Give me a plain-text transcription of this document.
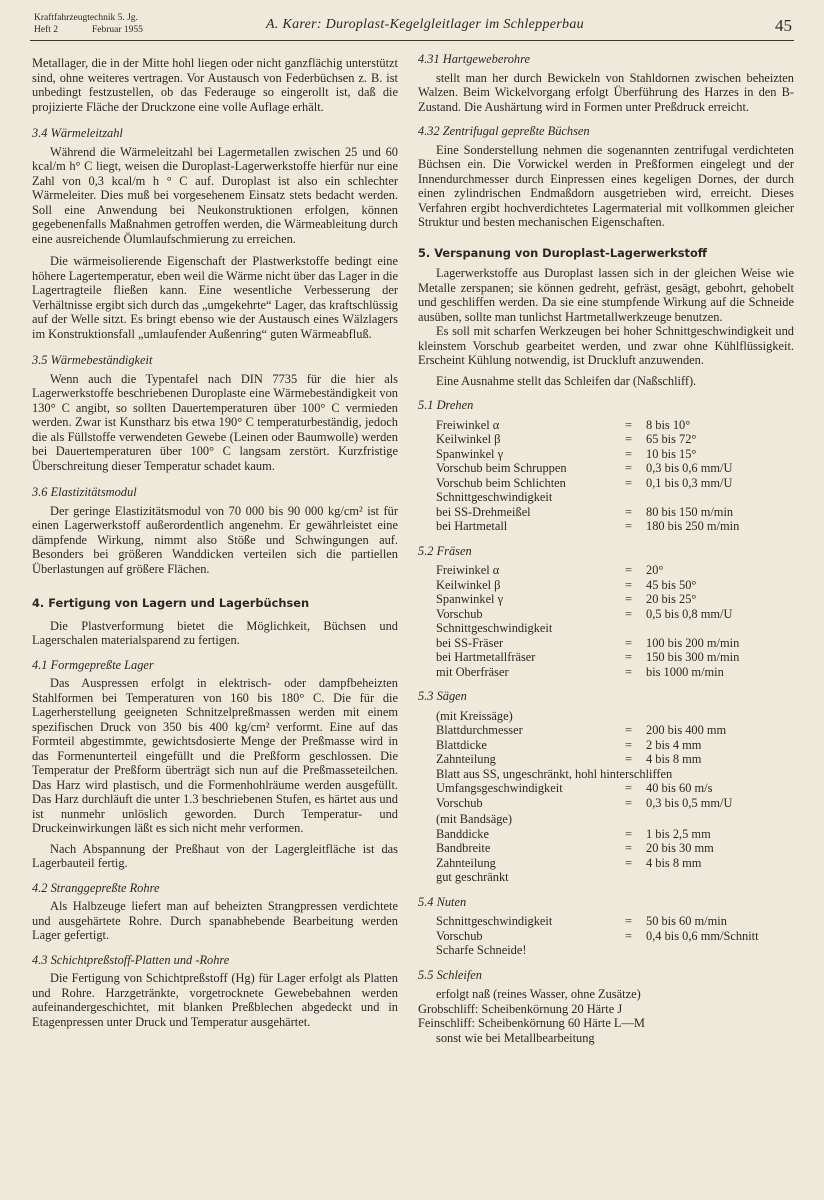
Kraftfahrzeugtechnik 5. Jg.
Heft 2	Februar 1955	A. Karer: Duroplast-Kegelgleitlager im Schlepperbau	45

Metallager, die in der Mitte hohl liegen oder nicht ganzflächig unterstützt sind, ohne weiteres vertragen. Vor Austausch von Federbüchsen z. B. ist unbedingt festzustellen, ob das Federauge so eingerollt ist, daß die projizierte Fläche der Druckzone eine volle Auflage erhält.

3.4 Wärmeleitzahl

Während die Wärmeleitzahl bei Lagermetallen zwischen 25 und 60 kcal/m h° C liegt, weisen die Duroplast-Lagerwerkstoffe hierfür nur eine Zahl von 0,3 kcal/m h ° C auf. Duroplast ist also ein schlechter Wärmeleiter. Dies muß bei vorgesehenem Einsatz stets bedacht werden. Soll eine Anwendung bei Neukonstruktionen erfolgen, können gegebenenfalls Maßnahmen getroffen werden, die Wärmeableitung durch eine ausreichende Ölumlaufschmierung zu erreichen.

Die wärmeisolierende Eigenschaft der Plastwerkstoffe bedingt eine höhere Lagertemperatur, eben weil die Wärme nicht über das Lager in die Lagertragteile fließen kann. Eine wesentliche Verbesserung der Verhältnisse ergibt sich durch das „umgekehrte“ Lager, das kraftschlüssig auf der Welle sitzt. Es bringt ebenso wie der Austausch eines Wälzlagers im Konstruktionsfall „umlaufender Außenring“ guten Wärmeabfluß.

3.5 Wärmebeständigkeit

Wenn auch die Typentafel nach DIN 7735 für die hier als Lagerwerkstoffe beschriebenen Duroplaste eine Wärmebeständigkeit von 130° C angibt, so sollten Dauertemperaturen über 100° C vermieden werden. Zwar ist Kunstharz bis etwa 190° C temperaturbeständig, jedoch die als Füllstoffe verwendeten Gewebe (Leinen oder Baumwolle) werden bei Dauertemperaturen über 100° C langsam zerstört. Kurzfristige Überschreitung dieser Temperatur schadet kaum.

3.6 Elastizitätsmodul

Der geringe Elastizitätsmodul von 70 000 bis 90 000 kg/cm² ist für einen Lagerwerkstoff außerordentlich angenehm. Er gewährleistet eine dämpfende Wirkung, nimmt also Stöße und Schwingungen auf. Besonders bei größeren Wanddicken verteilen sich die partiellen Überlastungen auf größere Flächen.

4. Fertigung von Lagern und Lagerbüchsen

Die Plastverformung bietet die Möglichkeit, Büchsen und Lagerschalen materialsparend zu fertigen.

4.1 Formgepreßte Lager

Das Auspressen erfolgt in elektrisch- oder dampfbeheizten Stahlformen bei Temperaturen von 160 bis 180° C. Die für die Lagerherstellung geeigneten Schnitzelpreßmassen werden mit einem spezifischen Druck von 350 bis 400 kg/cm² verformt. Eine auf das Formteil abgestimmte, gewichtsdosierte Menge der Preßmasse wird in das Formenunterteil eingefüllt und die Preßform geschlossen. Die Temperatur der Preßform überträgt sich nun auf die Preßmasseteilchen. Das Harz wird plastisch, und die Formenhohlräume werden ausgefüllt. Das Harz durchläuft die unter 1.3 beschriebenen Stufen, es härtet aus und ist nunmehr unlöslich geworden. Durch Temperatur- und Druckeinwirkungen läßt es sich nicht mehr verformen.

Nach Abspannung der Preßhaut von der Lagergleitfläche ist das Lagerbauteil fertig.

4.2 Stranggepreßte Rohre

Als Halbzeuge liefert man auf beheizten Strangpressen verdichtete und ausgehärtete Rohre. Durch spanabhebende Bearbeitung werden Lager gefertigt.

4.3 Schichtpreßstoff-Platten und -Rohre

Die Fertigung von Schichtpreßstoff (Hg) für Lager erfolgt als Platten und Rohre. Harzgetränkte, vorgetrocknete Gewebebahnen werden aufeinandergeschichtet, mit blanken Preßblechen abgedeckt und in Etagenpressen unter Druck und Temperatur ausgehärtet.

4.31 Hartgeweberohre

stellt man her durch Bewickeln von Stahldornen zwischen beheizten Walzen. Beim Wickelvorgang erfolgt Überführung des Harzes in den B-Zustand. Die Aushärtung wird in Formen unter Preßdruck erreicht.

4.32 Zentrifugal gepreßte Büchsen

Eine Sonderstellung nehmen die sogenannten zentrifugal verdichteten Büchsen ein. Die Vorwickel werden in Preßformen eingelegt und der Innendurchmesser durch Einpressen eines kegeligen Dornes, der durch einen zylindrischen Endmaßdorn ausgetrieben wird, erreicht. Dieses Verfahren ergibt hochverdichtetes Lagermaterial mit vollkommen gleicher Struktur und besten mechanischen Eigenschaften.

5. Verspanung von Duroplast-Lagerwerkstoff

Lagerwerkstoffe aus Duroplast lassen sich in der gleichen Weise wie Metalle zerspanen; sie können gedreht, gefräst, gesägt, gebohrt, gehobelt und geschliffen werden. Da sie eine stumpfende Wirkung auf die Schneide ausüben, sollte man tunlichst Hartmetallwerkzeuge benutzen.

Es soll mit scharfen Werkzeugen bei hoher Schnittgeschwindigkeit und kleinstem Vorschub gearbeitet werden, und zwar ohne Kühlflüssigkeit. Erscheint Kühlung notwendig, ist Druckluft anzuwenden.

Eine Ausnahme stellt das Schleifen dar (Naßschliff).

5.1 Drehen
Freiwinkel α	= 8 bis 10°
Keilwinkel β	= 65 bis 72°
Spanwinkel γ	= 10 bis 15°
Vorschub beim Schruppen	= 0,3 bis 0,6 mm/U
Vorschub beim Schlichten	= 0,1 bis 0,3 mm/U
Schnittgeschwindigkeit
bei SS-Drehmeißel	= 80 bis 150 m/min
bei Hartmetall	= 180 bis 250 m/min
5.2 Fräsen
Freiwinkel α	= 20°
Keilwinkel β	= 45 bis 50°
Spanwinkel γ	= 20 bis 25°
Vorschub	= 0,5 bis 0,8 mm/U
Schnittgeschwindigkeit
bei SS-Fräser	= 100 bis 200 m/min
bei Hartmetallfräser	= 150 bis 300 m/min
mit Oberfräser	= bis 1000 m/min
5.3 Sägen
(mit Kreissäge)
Blattdurchmesser	= 200 bis 400 mm
Blattdicke	= 2 bis 4 mm
Zahnteilung	= 4 bis 8 mm
Blatt aus SS, ungeschränkt, hohl hinterschliffen
Umfangsgeschwindigkeit	= 40 bis 60 m/s
Vorschub	= 0,3 bis 0,5 mm/U
(mit Bandsäge)
Banddicke	= 1 bis 2,5 mm
Bandbreite	= 20 bis 30 mm
Zahnteilung	= 4 bis 8 mm
gut geschränkt
5.4 Nuten
Schnittgeschwindigkeit	= 50 bis 60 m/min
Vorschub	= 0,4 bis 0,6 mm/Schnitt
Scharfe Schneide!
5.5 Schleifen
erfolgt naß (reines Wasser, ohne Zusätze)
Grobschliff: Scheibenkörnung 20 Härte J
Feinschliff: Scheibenkörnung 60 Härte L—M
sonst wie bei Metallbearbeitung
